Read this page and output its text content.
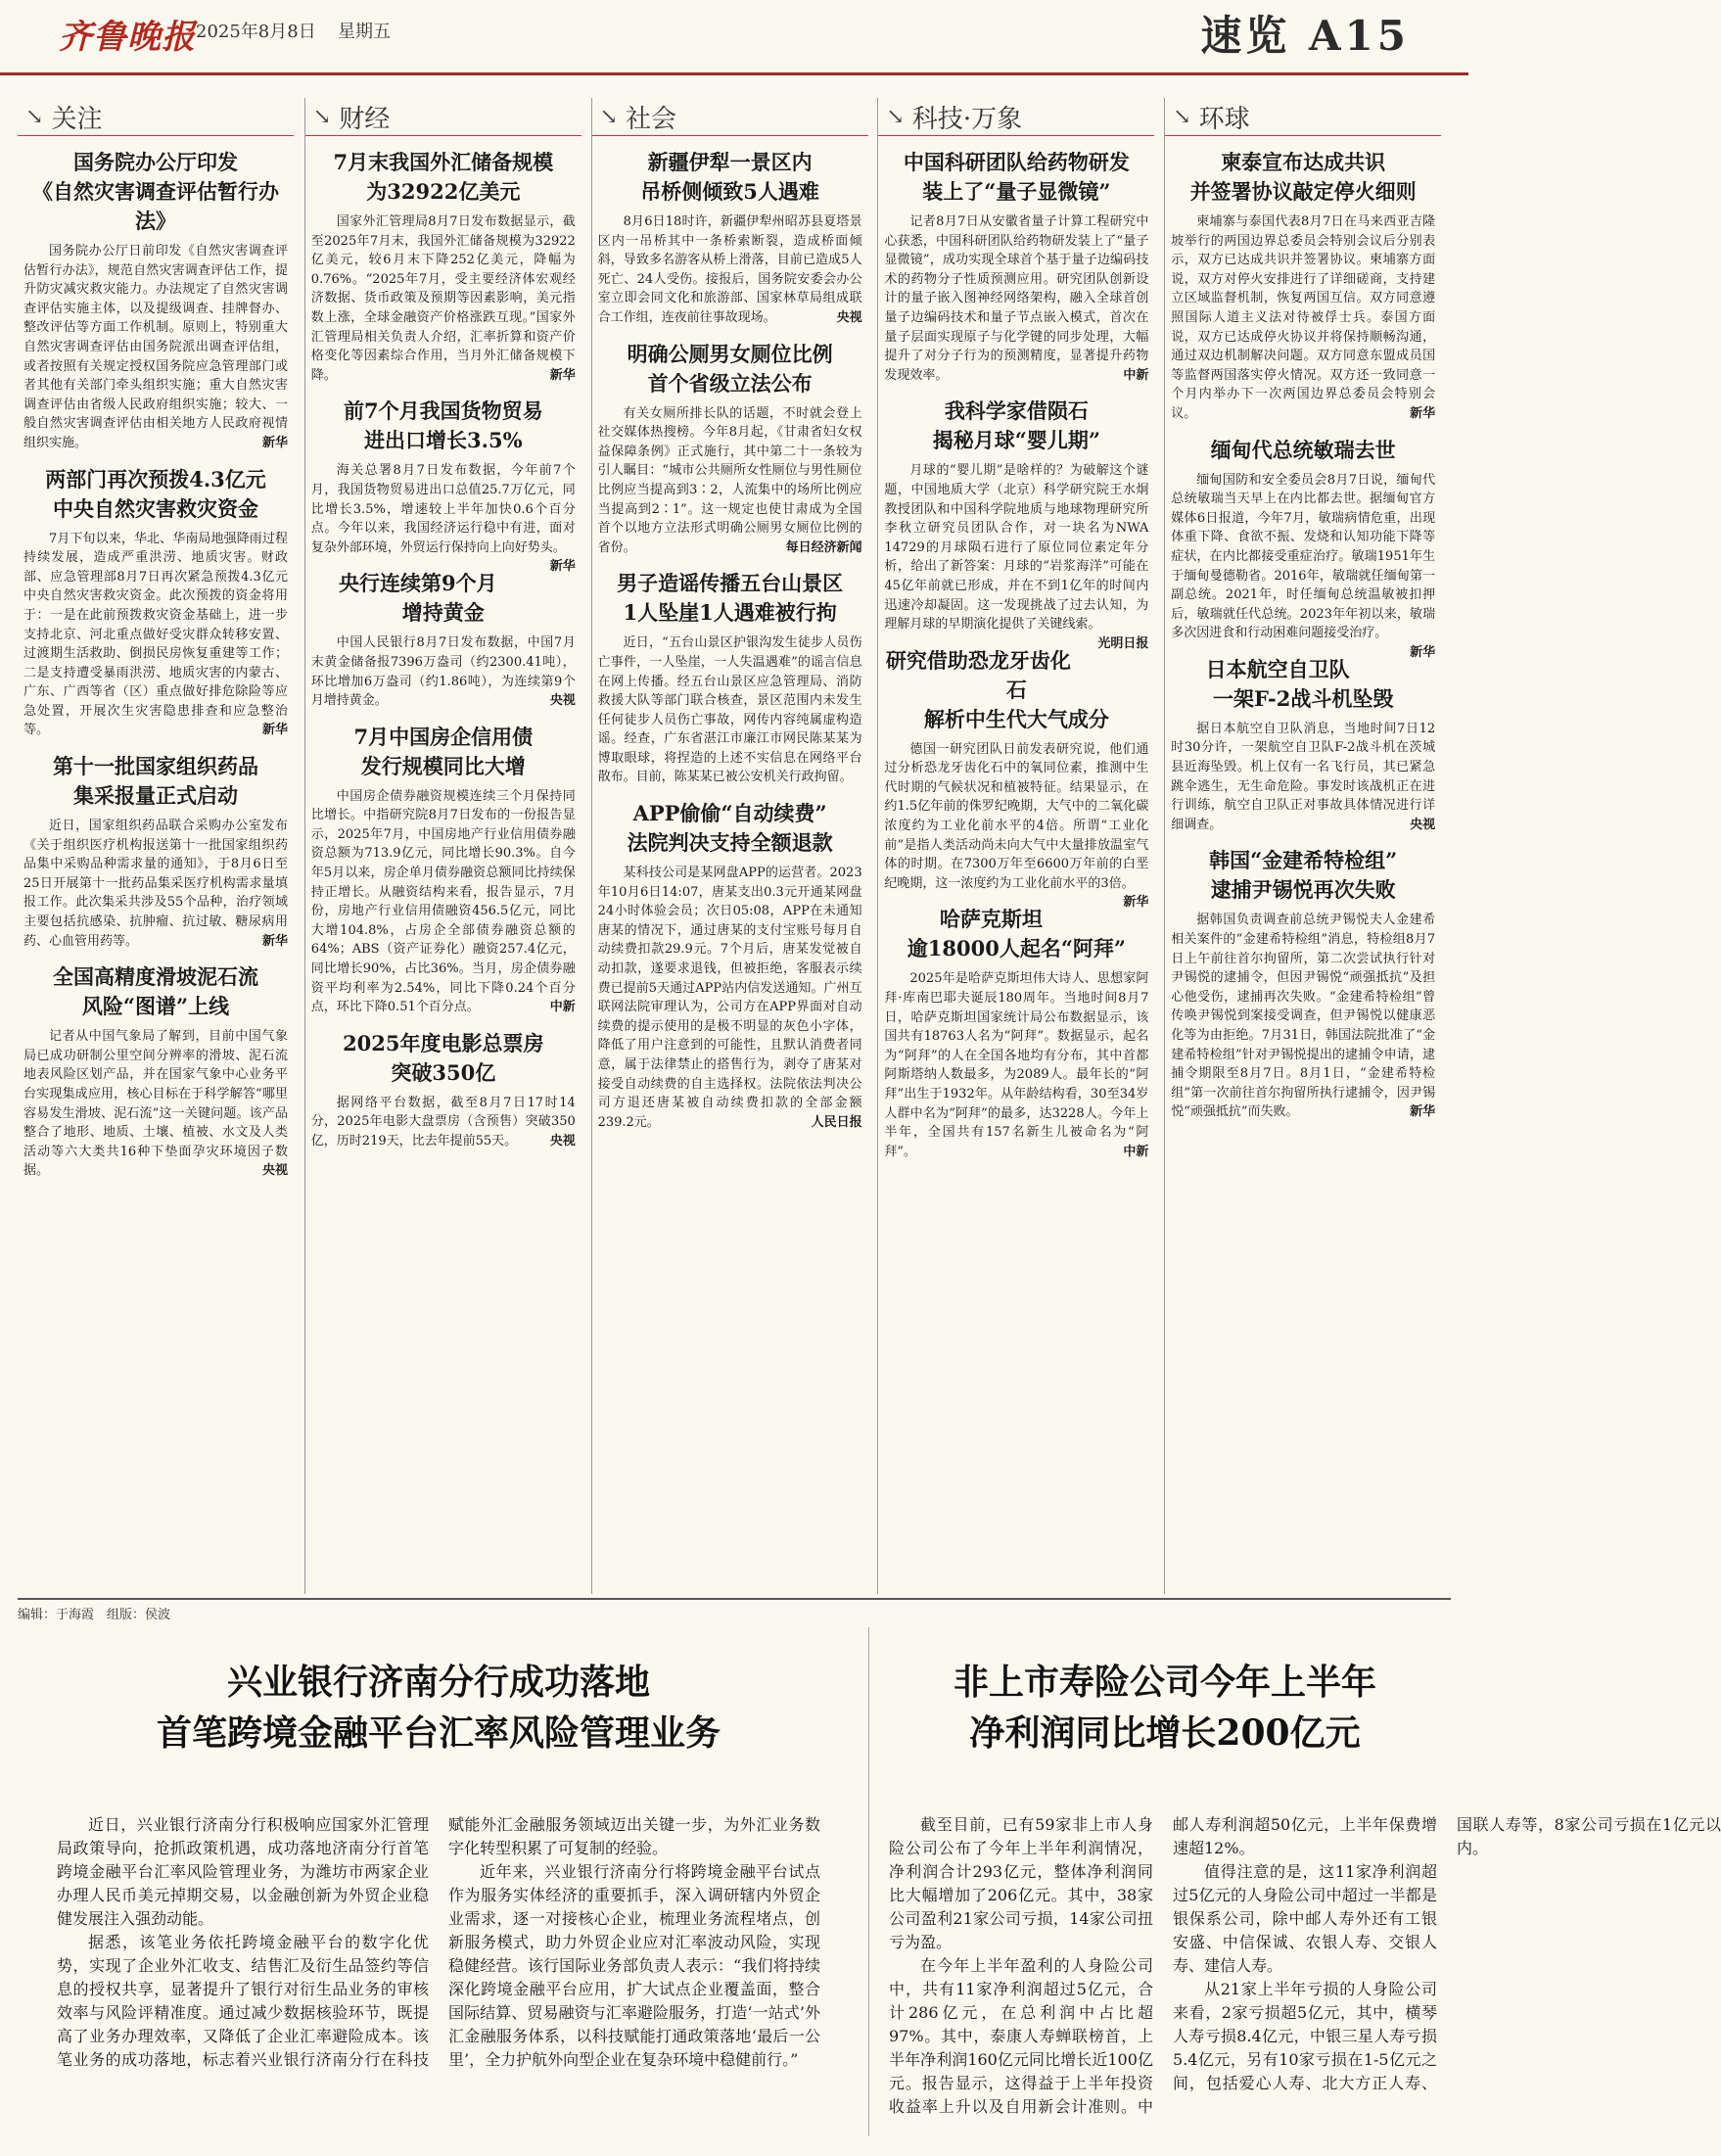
齐鲁晚报 2025年8月8日 星期五	速览 A15
↘ 关注
国务院办公厅印发
《自然灾害调查评估暂行办法》

国务院办公厅日前印发《自然灾害调查评估暂行办法》，规范自然灾害调查评估工作，提升防灾减灾救灾能力。办法规定了自然灾害调查评估实施主体，以及提级调查、挂牌督办、整改评估等方面工作机制。原则上，特别重大自然灾害调查评估由国务院派出调查评估组，或者按照有关规定授权国务院应急管理部门或者其他有关部门牵头组织实施；重大自然灾害调查评估由省级人民政府组织实施；较大、一般自然灾害调查评估由相关地方人民政府视情组织实施。	新华

两部门再次预拨4.3亿元
中央自然灾害救灾资金

7月下旬以来，华北、华南局地强降雨过程持续发展，造成严重洪涝、地质灾害。财政部、应急管理部8月7日再次紧急预拨4.3亿元中央自然灾害救灾资金。此次预拨的资金将用于：一是在此前预拨救灾资金基础上，进一步支持北京、河北重点做好受灾群众转移安置、过渡期生活救助、倒损民房恢复重建等工作；二是支持遭受暴雨洪涝、地质灾害的内蒙古、广东、广西等省（区）重点做好排危除险等应急处置，开展次生灾害隐患排查和应急整治等。	新华

第十一批国家组织药品
集采报量正式启动

近日，国家组织药品联合采购办公室发布《关于组织医疗机构报送第十一批国家组织药品集中采购品种需求量的通知》，于8月6日至25日开展第十一批药品集采医疗机构需求量填报工作。此次集采共涉及55个品种，治疗领域主要包括抗感染、抗肿瘤、抗过敏、糖尿病用药、心血管用药等。	新华

全国高精度滑坡泥石流
风险“图谱”上线

记者从中国气象局了解到，目前中国气象局已成功研制公里空间分辨率的滑坡、泥石流地表风险区划产品，并在国家气象中心业务平台实现集成应用，核心目标在于科学解答“哪里容易发生滑坡、泥石流”这一关键问题。该产品整合了地形、地质、土壤、植被、水文及人类活动等六大类共16种下垫面孕灾环境因子数据。	央视

↘ 财经
7月末我国外汇储备规模
为32922亿美元

国家外汇管理局8月7日发布数据显示，截至2025年7月末，我国外汇储备规模为32922亿美元，较6月末下降252亿美元，降幅为0.76%。“2025年7月，受主要经济体宏观经济数据、货币政策及预期等因素影响，美元指数上涨，全球金融资产价格涨跌互现。”国家外汇管理局相关负责人介绍，汇率折算和资产价格变化等因素综合作用，当月外汇储备规模下降。	新华

前7个月我国货物贸易
进出口增长3.5%

海关总署8月7日发布数据，今年前7个月，我国货物贸易进出口总值25.7万亿元，同比增长3.5%，增速较上半年加快0.6个百分点。今年以来，我国经济运行稳中有进，面对复杂外部环境，外贸运行保持向上向好势头。
新华

央行连续第9个月
增持黄金

中国人民银行8月7日发布数据，中国7月末黄金储备报7396万盎司（约2300.41吨），环比增加6万盎司（约1.86吨），为连续第9个月增持黄金。	央视

7月中国房企信用债
发行规模同比大增

中国房企债券融资规模连续三个月保持同比增长。中指研究院8月7日发布的一份报告显示，2025年7月，中国房地产行业信用债券融资总额为713.9亿元，同比增长90.3%。自今年5月以来，房企单月债券融资总额同比持续保持正增长。从融资结构来看，报告显示，7月份，房地产行业信用债融资456.5亿元，同比大增104.8%，占房企全部债券融资总额的64%；ABS（资产证券化）融资257.4亿元，同比增长90%，占比36%。当月，房企债券融资平均利率为2.54%，同比下降0.24个百分点，环比下降0.51个百分点。	中新

2025年度电影总票房
突破350亿

据网络平台数据，截至8月7日17时14分，2025年电影大盘票房（含预售）突破350亿，历时219天，比去年提前55天。	央视

↘ 社会
新疆伊犁一景区内
吊桥侧倾致5人遇难

8月6日18时许，新疆伊犁州昭苏县夏塔景区内一吊桥其中一条桥索断裂，造成桥面倾斜，导致多名游客从桥上滑落，目前已造成5人死亡、24人受伤。接报后，国务院安委会办公室立即会同文化和旅游部、国家林草局组成联合工作组，连夜前往事故现场。	央视

明确公厕男女厕位比例
首个省级立法公布

有关女厕所排长队的话题，不时就会登上社交媒体热搜榜。今年8月起，《甘肃省妇女权益保障条例》正式施行，其中第二十一条较为引人瞩目：“城市公共厕所女性厕位与男性厕位比例应当提高到3∶2，人流集中的场所比例应当提高到2∶1”。这一规定也使甘肃成为全国首个以地方立法形式明确公厕男女厕位比例的省份。	每日经济新闻

男子造谣传播五台山景区
1人坠崖1人遇难被行拘

近日，“五台山景区护银沟发生徒步人员伤亡事件，一人坠崖，一人失温遇难”的谣言信息在网上传播。经五台山景区应急管理局、消防救援大队等部门联合核查，景区范围内未发生任何徒步人员伤亡事故，网传内容纯属虚构造谣。经查，广东省湛江市廉江市网民陈某某为博取眼球，将捏造的上述不实信息在网络平台散布。目前，陈某某已被公安机关行政拘留。

APP偷偷“自动续费”
法院判决支持全额退款

某科技公司是某网盘APP的运营者。2023年10月6日14:07，唐某支出0.3元开通某网盘24小时体验会员；次日05:08，APP在未通知唐某的情况下，通过唐某的支付宝账号每月自动续费扣款29.9元。7个月后，唐某发觉被自动扣款，遂要求退钱，但被拒绝，客服表示续费已提前5天通过APP站内信发送通知。广州互联网法院审理认为，公司方在APP界面对自动续费的提示使用的是极不明显的灰色小字体，降低了用户注意到的可能性，且默认消费者同意，属于法律禁止的搭售行为，剥夺了唐某对接受自动续费的自主选择权。法院依法判决公司方退还唐某被自动续费扣款的全部金额239.2元。	人民日报

↘ 科技·万象
中国科研团队给药物研发
装上了“量子显微镜”

记者8月7日从安徽省量子计算工程研究中心获悉，中国科研团队给药物研发装上了“量子显微镜”，成功实现全球首个基于量子边编码技术的药物分子性质预测应用。研究团队创新设计的量子嵌入图神经网络架构，融入全球首创量子边编码技术和量子节点嵌入模式，首次在量子层面实现原子与化学键的同步处理，大幅提升了对分子行为的预测精度，显著提升药物发现效率。	中新

我科学家借陨石
揭秘月球“婴儿期”

月球的“婴儿期”是啥样的？为破解这个谜题，中国地质大学（北京）科学研究院王水炯教授团队和中国科学院地质与地球物理研究所李秋立研究员团队合作，对一块名为NWA 14729的月球陨石进行了原位同位素定年分析，给出了新答案：月球的“岩浆海洋”可能在45亿年前就已形成，并在不到1亿年的时间内迅速冷却凝固。这一发现挑战了过去认知，为理解月球的早期演化提供了关键线索。
光明日报

研究借助恐龙牙齿化石
解析中生代大气成分

德国一研究团队日前发表研究说，他们通过分析恐龙牙齿化石中的氧同位素，推测中生代时期的气候状况和植被特征。结果显示，在约1.5亿年前的侏罗纪晚期，大气中的二氧化碳浓度约为工业化前水平的4倍。所谓“工业化前”是指人类活动尚未向大气中大量排放温室气体的时期。在7300万年至6600万年前的白垩纪晚期，这一浓度约为工业化前水平的3倍。
新华

哈萨克斯坦
逾18000人起名“阿拜”

2025年是哈萨克斯坦伟大诗人、思想家阿拜·库南巴耶夫诞辰180周年。当地时间8月7日，哈萨克斯坦国家统计局公布数据显示，该国共有18763人名为“阿拜”。数据显示，起名为“阿拜”的人在全国各地均有分布，其中首都阿斯塔纳人数最多，为2089人。最年长的“阿拜”出生于1932年。从年龄结构看，30至34岁人群中名为“阿拜”的最多，达3228人。今年上半年，全国共有157名新生儿被命名为“阿拜”。	中新

↘ 环球
柬泰宣布达成共识
并签署协议敲定停火细则

柬埔寨与泰国代表8月7日在马来西亚吉隆坡举行的两国边界总委员会特别会议后分别表示，双方已达成共识并签署协议。柬埔寨方面说，双方对停火安排进行了详细磋商，支持建立区域监督机制，恢复两国互信。双方同意遵照国际人道主义法对待被俘士兵。泰国方面说，双方已达成停火协议并将保持顺畅沟通，通过双边机制解决问题。双方同意东盟成员国等监督两国落实停火情况。双方还一致同意一个月内举办下一次两国边界总委员会特别会议。	新华

缅甸代总统敏瑞去世

缅甸国防和安全委员会8月7日说，缅甸代总统敏瑞当天早上在内比都去世。据缅甸官方媒体6日报道，今年7月，敏瑞病情危重，出现体重下降、食欲不振、发烧和认知功能下降等症状，在内比都接受重症治疗。敏瑞1951年生于缅甸曼德勒省。2016年，敏瑞就任缅甸第一副总统。2021年，时任缅甸总统温敏被扣押后，敏瑞就任代总统。2023年年初以来，敏瑞多次因进食和行动困难问题接受治疗。
新华

日本航空自卫队
一架F-2战斗机坠毁

据日本航空自卫队消息，当地时间7日12时30分许，一架航空自卫队F-2战斗机在茨城县近海坠毁。机上仅有一名飞行员，其已紧急跳伞逃生，无生命危险。事发时该战机正在进行训练，航空自卫队正对事故具体情况进行详细调查。	央视

韩国“金建希特检组”
逮捕尹锡悦再次失败

据韩国负责调查前总统尹锡悦夫人金建希相关案件的“金建希特检组”消息，特检组8月7日上午前往首尔拘留所，第二次尝试执行针对尹锡悦的逮捕令，但因尹锡悦“顽强抵抗”及担心他受伤，逮捕再次失败。“金建希特检组”曾传唤尹锡悦到案接受调查，但尹锡悦以健康恶化等为由拒绝。7月31日，韩国法院批准了“金建希特检组”针对尹锡悦提出的逮捕令申请，逮捕令期限至8月7日。8月1日，“金建希特检组”第一次前往首尔拘留所执行逮捕令，因尹锡悦“顽强抵抗”而失败。	新华

编辑：于海霞　组版：侯波
兴业银行济南分行成功落地
首笔跨境金融平台汇率风险管理业务

近日，兴业银行济南分行积极响应国家外汇管理局政策导向，抢抓政策机遇，成功落地济南分行首笔跨境金融平台汇率风险管理业务，为潍坊市两家企业办理人民币美元掉期交易，以金融创新为外贸企业稳健发展注入强劲动能。

据悉，该笔业务依托跨境金融平台的数字化优势，实现了企业外汇收支、结售汇及衍生品签约等信息的授权共享，显著提升了银行对衍生品业务的审核效率与风险评精准度。通过减少数据核验环节，既提高了业务办理效率，又降低了企业汇率避险成本。该笔业务的成功落地，标志着兴业银行济南分行在科技赋能外汇金融服务领域迈出关键一步，为外汇业务数字化转型积累了可复制的经验。

近年来，兴业银行济南分行将跨境金融平台试点作为服务实体经济的重要抓手，深入调研辖内外贸企业需求，逐一对接核心企业，梳理业务流程堵点，创新服务模式，助力外贸企业应对汇率波动风险，实现稳健经营。该行国际业务部负责人表示：“我们将持续深化跨境金融平台应用，扩大试点企业覆盖面，整合国际结算、贸易融资与汇率避险服务，打造‘一站式’外汇金融服务体系，以科技赋能打通政策落地‘最后一公里’，全力护航外向型企业在复杂环境中稳健前行。”

非上市寿险公司今年上半年
净利润同比增长200亿元

截至目前，已有59家非上市人身险公司公布了今年上半年利润情况，净利润合计293亿元，整体净利润同比大幅增加了206亿元。其中，38家公司盈利21家公司亏损，14家公司扭亏为盈。

在今年上半年盈利的人身险公司中，共有11家净利润超过5亿元，合计286亿元，在总利润中占比超97%。其中，泰康人寿蝉联榜首，上半年净利润160亿元同比增长近100亿元。报告显示，这得益于上半年投资收益率上升以及自用新会计准则。中邮人寿利润超50亿元，上半年保费增速超12%。

值得注意的是，这11家净利润超过5亿元的人身险公司中超过一半都是银保系公司，除中邮人寿外还有工银安盛、中信保诚、农银人寿、交银人寿、建信人寿。

从21家上半年亏损的人身险公司来看，2家亏损超5亿元，其中，横琴人寿亏损8.4亿元，中银三星人寿亏损5.4亿元，另有10家亏损在1-5亿元之间，包括爱心人寿、北大方正人寿、国联人寿等，8家公司亏损在1亿元以内。
